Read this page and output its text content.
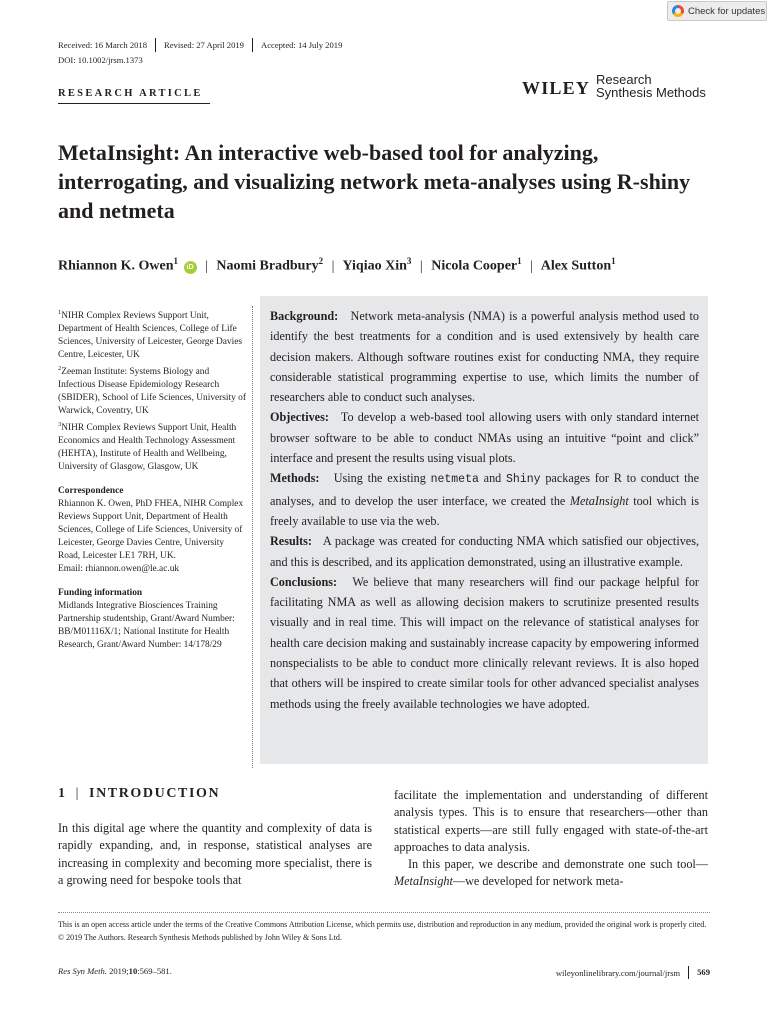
Check for updates
Received: 16 March 2018	Revised: 27 April 2019	Accepted: 14 July 2019
DOI: 10.1002/jrsm.1373
RESEARCH ARTICLE	WILEY Research
Synthesis Methods
MetaInsight: An interactive web-based tool for analyzing, interrogating, and visualizing network meta-analyses using R-shiny and netmeta
Rhiannon K. Owen$^1$ iD | Naomi Bradbury$^2$ | Yiqiao Xin$^3$ | Nicola Cooper$^1$ | Alex Sutton$^1$

$^1$NIHR Complex Reviews Support Unit, Department of Health Sciences, College of Life Sciences, University of Leicester, George Davies Centre, Leicester, UK

$^2$Zeeman Institute: Systems Biology and Infectious Disease Epidemiology Research (SBIDER), School of Life Sciences, University of Warwick, Coventry, UK

$^3$NIHR Complex Reviews Support Unit, Health Economics and Health Technology Assessment (HEHTA), Institute of Health and Wellbeing, University of Glasgow, Glasgow, UK

Correspondence

Rhiannon K. Owen, PhD FHEA, NIHR Complex Reviews Support Unit, Department of Health Sciences, College of Life Sciences, University of Leicester, George Davies Centre, University Road, Leicester LE1 7RH, UK.

Email: rhiannon.owen@le.ac.uk

Funding information

Midlands Integrative Biosciences Training Partnership studentship, Grant/Award Number: BB/M01116X/1; National Institute for Health Research, Grant/Award Number: 14/178/29

Background: Network meta-analysis (NMA) is a powerful analysis method used to identify the best treatments for a condition and is used extensively by health care decision makers. Although software routines exist for conducting NMA, they require considerable statistical programming expertise to use, which limits the number of researchers able to conduct such analyses.

Objectives: To develop a web-based tool allowing users with only standard internet browser software to be able to conduct NMAs using an intuitive “point and click” interface and present the results using visual plots.

Methods: Using the existing netmeta and Shiny packages for R to conduct the analyses, and to develop the user interface, we created the MetaInsight tool which is freely available to use via the web.

Results: A package was created for conducting NMA which satisfied our objectives, and this is described, and its application demonstrated, using an illustrative example.

Conclusions: We believe that many researchers will find our package helpful for facilitating NMA as well as allowing decision makers to scrutinize presented results visually and in real time. This will impact on the relevance of statistical analyses for health care decision making and sustainably increase capacity by empowering informed nonspecialists to be able to conduct more clinically relevant reviews. It is also hoped that others will be inspired to create similar tools for other advanced specialist analyses methods using the freely available technologies we have adopted.

1 | INTRODUCTION

In this digital age where the quantity and complexity of data is rapidly expanding, and, in response, statistical analyses are increasing in complexity and becoming more specialist, there is a growing need for bespoke tools that

facilitate the implementation and understanding of different analysis types. This is to ensure that researchers—other than statistical experts—are still fully engaged with state-of-the-art approaches to data analysis.

In this paper, we describe and demonstrate one such tool—MetaInsight—we developed for network meta-

This is an open access article under the terms of the Creative Commons Attribution License, which permits use, distribution and reproduction in any medium, provided the original work is properly cited.

© 2019 The Authors. Research Synthesis Methods published by John Wiley & Sons Ltd.

Res Syn Meth. 2019;10:569–581.	wileyonlinelibrary.com/journal/jrsm	569
